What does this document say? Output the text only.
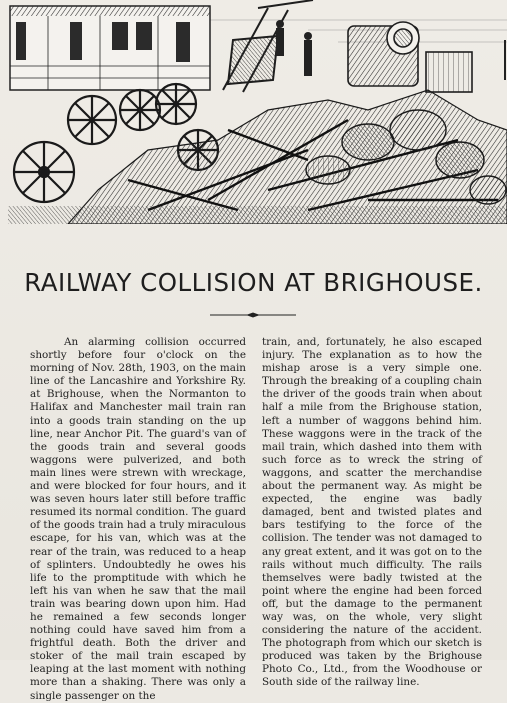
RAILWAY COLLISION AT BRIGHOUSE.

An alarming collision occurred shortly before four o'clock on the morning of Nov. 28th, 1903, on the main line of the Lancashire and Yorkshire Ry. at Brighouse, when the Normanton to Halifax and Manchester mail train ran into a goods train standing on the up line, near Anchor Pit. The guard's van of the goods train and several goods waggons were pulverized, and both main lines were strewn with wreckage, and were blocked for four hours, and it was seven hours later still before traffic resumed its normal condition. The guard of the goods train had a truly miraculous escape, for his van, which was at the rear of the train, was reduced to a heap of splinters. Undoubtedly he owes his life to the promptitude with which he left his van when he saw that the mail train was bearing down upon him. Had he remained a few seconds longer nothing could have saved him from a frightful death. Both the driver and stoker of the mail train escaped by leaping at the last moment with nothing more than a shaking. There was only a single passenger on the

train, and, fortunately, he also escaped injury. The explanation as to how the mishap arose is a very simple one. Through the breaking of a coupling chain the driver of the goods train when about half a mile from the Brighouse station, left a number of waggons behind him. These waggons were in the track of the mail train, which dashed into them with such force as to wreck the string of waggons, and scatter the merchandise about the permanent way. As might be expected, the engine was badly damaged, bent and twisted plates and bars testifying to the force of the collision. The tender was not damaged to any great extent, and it was got on to the rails without much difficulty. The rails themselves were badly twisted at the point where the engine had been forced off, but the damage to the permanent way was, on the whole, very slight considering the nature of the accident. The photograph from which our sketch is produced was taken by the Brighouse Photo Co., Ltd., from the Woodhouse or South side of the railway line.
